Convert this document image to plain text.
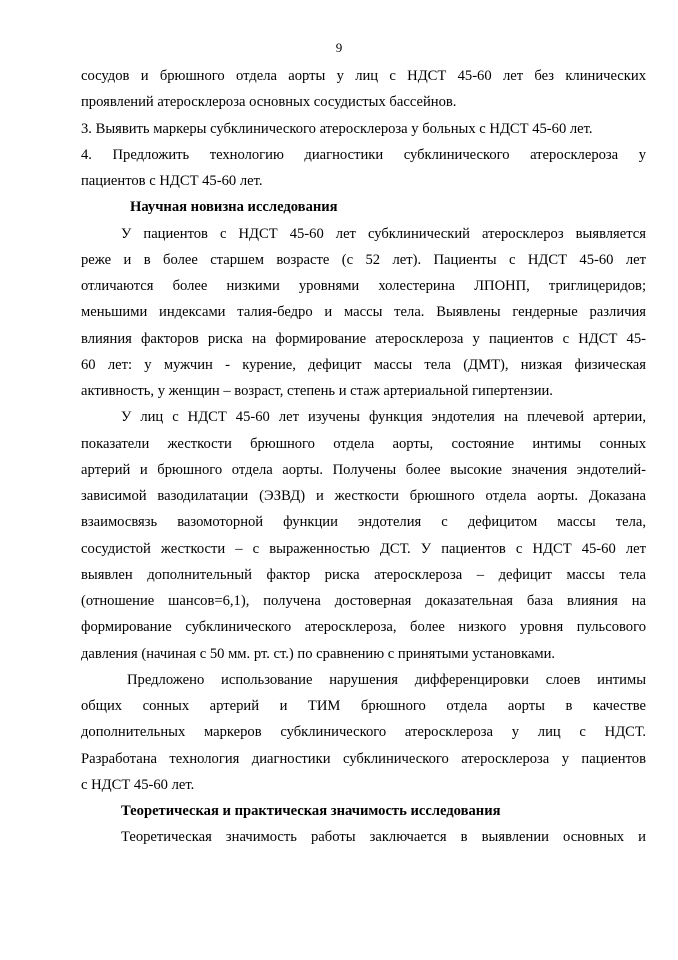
9
сосудов и брюшного отдела аорты у лиц с НДСТ 45-60 лет без клинических
проявлений атеросклероза основных сосудистых бассейнов.
3. Выявить маркеры субклинического атеросклероза у больных с НДСТ 45-60 лет.
4. Предложить технологию диагностики субклинического атеросклероза у
пациентов с НДСТ 45-60 лет.
Научная новизна исследования
У пациентов с НДСТ 45-60 лет субклинический атеросклероз выявляется
реже и в более старшем возрасте (с 52 лет). Пациенты с НДСТ 45-60 лет
отличаются более низкими уровнями холестерина ЛПОНП, триглицеридов;
меньшими индексами талия-бедро и массы тела. Выявлены гендерные различия
влияния факторов риска на формирование атеросклероза у пациентов с НДСТ 45-
60 лет: у мужчин - курение, дефицит массы тела (ДМТ), низкая физическая
активность, у женщин – возраст, степень и стаж артериальной гипертензии.
У лиц с НДСТ 45-60 лет изучены функция эндотелия на плечевой артерии,
показатели жесткости брюшного отдела аорты, состояние интимы сонных
артерий и брюшного отдела аорты. Получены более высокие значения эндотелий-
зависимой вазодилатации (ЭЗВД) и жесткости брюшного отдела аорты. Доказана
взаимосвязь вазомоторной функции эндотелия с дефицитом массы тела,
сосудистой жесткости – с выраженностью ДСТ. У пациентов с НДСТ 45-60 лет
выявлен дополнительный фактор риска атеросклероза – дефицит массы тела
(отношение шансов=6,1), получена достоверная доказательная база влияния на
формирование субклинического атеросклероза, более низкого уровня пульсового
давления (начиная с 50 мм. рт. ст.) по сравнению с принятыми установками.
Предложено использование нарушения дифференцировки слоев интимы
общих сонных артерий и ТИМ брюшного отдела аорты в качестве
дополнительных маркеров субклинического атеросклероза у лиц с НДСТ.
Разработана технология диагностики субклинического атеросклероза у пациентов
с НДСТ 45-60 лет.
Теоретическая и практическая значимость исследования
Теоретическая значимость работы заключается в выявлении основных и
